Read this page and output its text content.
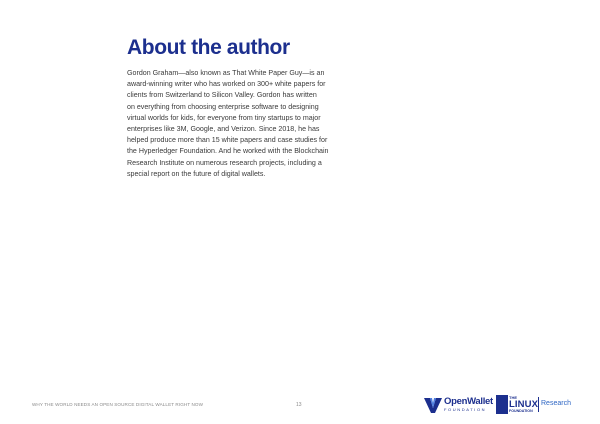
About the author
Gordon Graham—also known as That White Paper Guy—is an
award-winning writer who has worked on 300+ white papers for
clients from Switzerland to Silicon Valley. Gordon has written
on everything from choosing enterprise software to designing
virtual worlds for kids, for everyone from tiny startups to major
enterprises like 3M, Google, and Verizon. Since 2018, he has
helped produce more than 15 white papers and case studies for
the Hyperledger Foundation. And he worked with the Blockchain
Research Institute on numerous research projects, including a
special report on the future of digital wallets.
WHY THE WORLD NEEDS AN OPEN SOURCE DIGITAL WALLET RIGHT NOW	13	OpenWallet
FOUNDATION
THE
LINUX
FOUNDATION
Research
